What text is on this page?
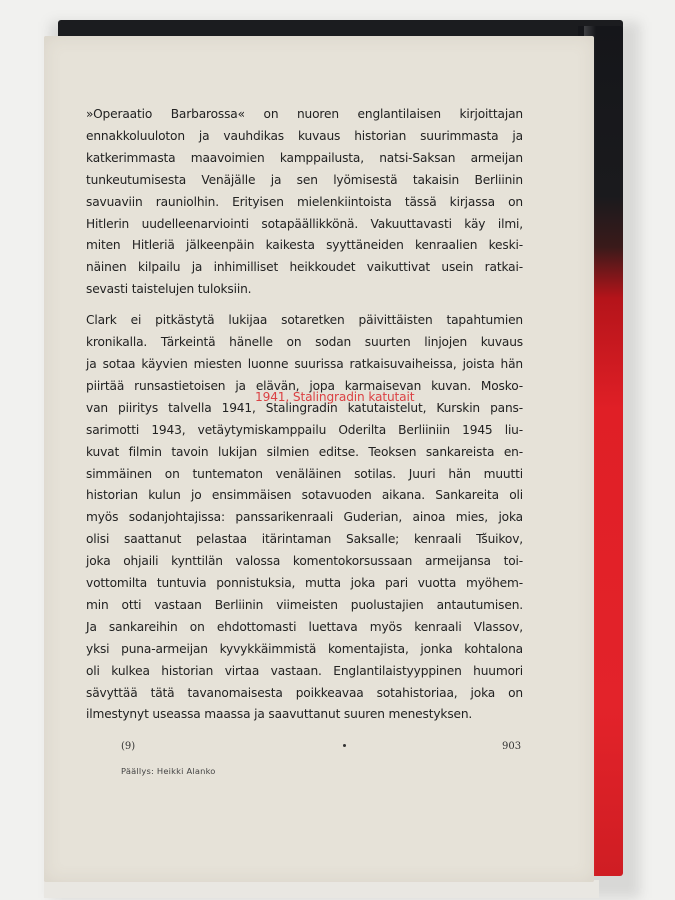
»Operaatio Barbarossa« on nuoren englantilaisen kirjoittajan
ennakkoluuloton ja vauhdikas kuvaus historian suurimmasta ja
katkerimmasta maavoimien kamppailusta, natsi-Saksan armeijan
tunkeutumisesta Venäjälle ja sen lyömisestä takaisin Berliinin
savuaviin rauniolhin. Erityisen mielenkiintoista tässä kirjassa on
Hitlerin uudelleenarviointi sotapäällikkönä. Vakuuttavasti käy ilmi,
miten Hitleriä jälkeenpäin kaikesta syyttäneiden kenraalien keski-
näinen kilpailu ja inhimilliset heikkoudet vaikuttivat usein ratkai-
sevasti taistelujen tuloksiin.
Clark ei pitkästytä lukijaa sotaretken päivittäisten tapahtumien
kronikalla. Tärkeintä hänelle on sodan suurten linjojen kuvaus
ja sotaa käyvien miesten luonne suurissa ratkaisuvaiheissa, joista hän
piirtää runsastietoisen ja elävän, jopa karmaisevan kuvan. Mosko-
van piiritys talvella 1941, Stalingradin katutaistelut, Kurskin pans-
sarimotti 1943, vetäytymiskamppailu Oderilta Berliiniin 1945 liu-
kuvat filmin tavoin lukijan silmien editse. Teoksen sankareista en-
simmäinen on tuntematon venäläinen sotilas. Juuri hän muutti
historian kulun jo ensimmäisen sotavuoden aikana. Sankareita oli
myös sodanjohtajissa: panssarikenraali Guderian, ainoa mies, joka
olisi saattanut pelastaa itärintaman Saksalle; kenraali Tšuikov,
joka ohjaili kynttilän valossa komentokorsussaan armeijansa toi-
vottomilta tuntuvia ponnistuksia, mutta joka pari vuotta myöhem-
min otti vastaan Berliinin viimeisten puolustajien antautumisen.
Ja sankareihin on ehdottomasti luettava myös kenraali Vlassov,
yksi puna-armeijan kyvykkäimmistä komentajista, jonka kohtalona
oli kulkea historian virtaa vastaan. Englantilaistyyppinen huumori
sävyttää tätä tavanomaisesta poikkeavaa sotahistoriaa, joka on
ilmestynyt useassa maassa ja saavuttanut suuren menestyksen.
1941, Stalingradin katutait
(9)	903
Päällys: Heikki Alanko
